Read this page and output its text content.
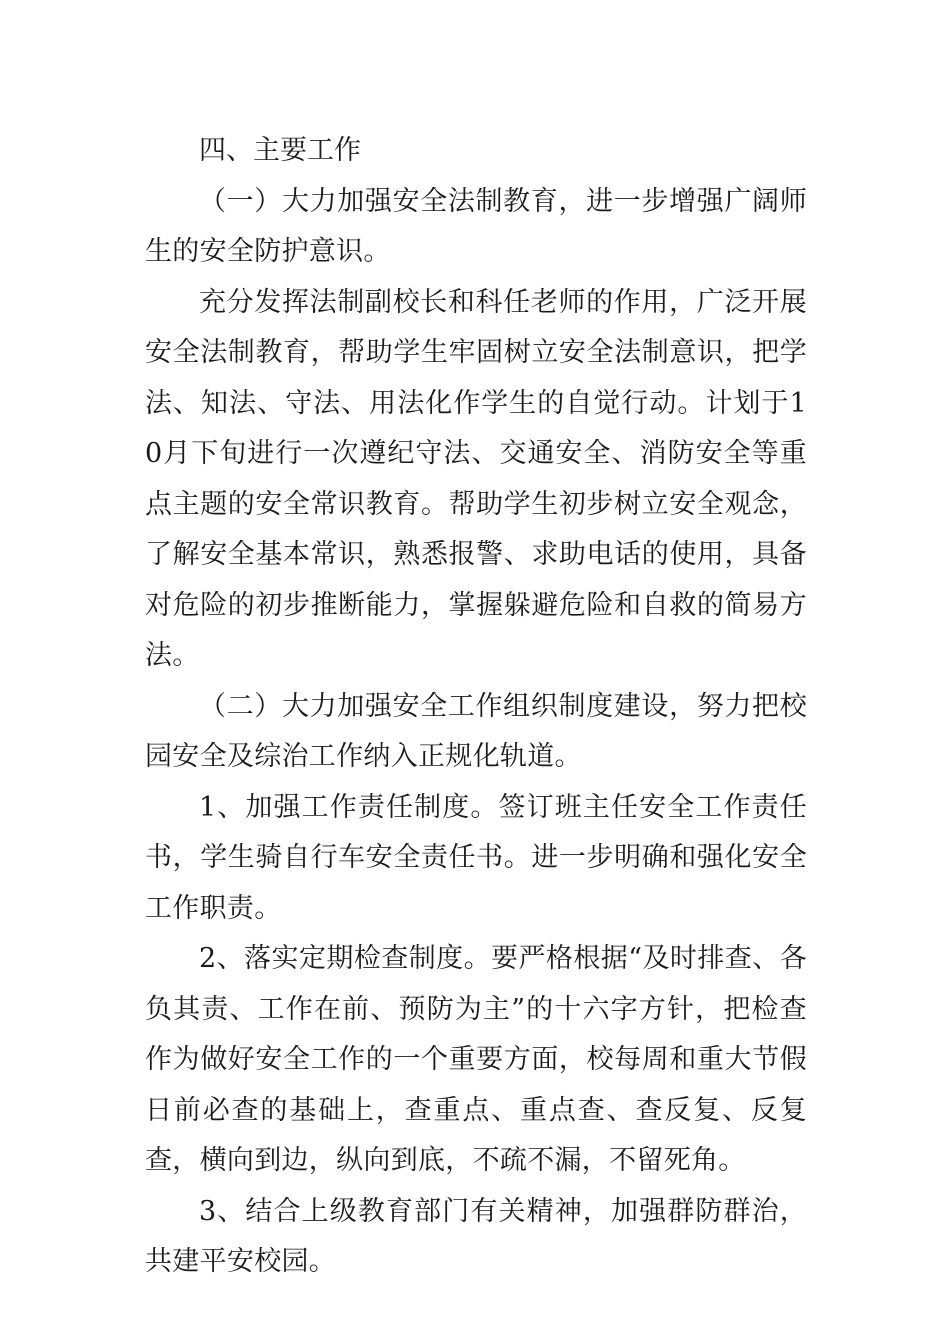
四、主要工作

（一）大力加强安全法制教育，进一步增强广阔师生的安全防护意识。

充分发挥法制副校长和科任老师的作用，广泛开展安全法制教育，帮助学生牢固树立安全法制意识，把学法、知法、守法、用法化作学生的自觉行动。计划于10月下旬进行一次遵纪守法、交通安全、消防安全等重点主题的安全常识教育。帮助学生初步树立安全观念，了解安全基本常识，熟悉报警、求助电话的使用，具备对危险的初步推断能力，掌握躲避危险和自救的简易方法。

（二）大力加强安全工作组织制度建设，努力把校园安全及综治工作纳入正规化轨道。

1、加强工作责任制度。签订班主任安全工作责任书，学生骑自行车安全责任书。进一步明确和强化安全工作职责。

2、落实定期检查制度。要严格根据“及时排查、各负其责、工作在前、预防为主”的十六字方针，把检查作为做好安全工作的一个重要方面，校每周和重大节假日前必查的基础上，查重点、重点查、查反复、反复查，横向到边，纵向到底，不疏不漏，不留死角。

3、结合上级教育部门有关精神，加强群防群治，共建平安校园。
